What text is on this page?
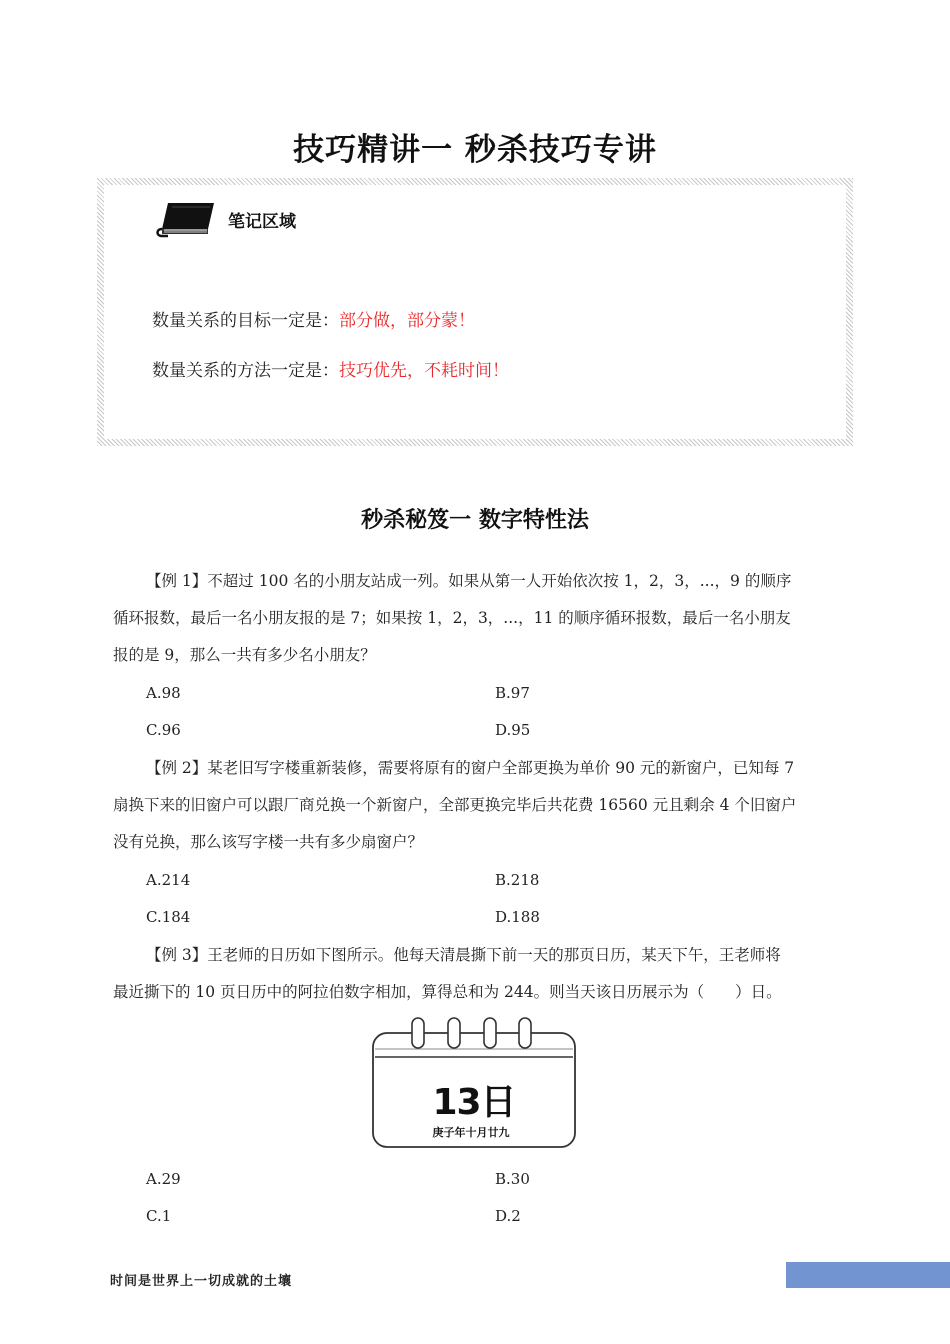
技巧精讲一 秒杀技巧专讲
笔记区域
数量关系的目标一定是：部分做，部分蒙！
数量关系的方法一定是：技巧优先，不耗时间！
秒杀秘笈一 数字特性法
【例 1】不超过 100 名的小朋友站成一列。如果从第一人开始依次按 1，2，3，...，9 的顺序
循环报数，最后一名小朋友报的是 7；如果按 1，2，3，...，11 的顺序循环报数，最后一名小朋友
报的是 9，那么一共有多少名小朋友？
A.98	B.97
C.96	D.95
【例 2】某老旧写字楼重新装修，需要将原有的窗户全部更换为单价 90 元的新窗户，已知每 7
扇换下来的旧窗户可以跟厂商兑换一个新窗户，全部更换完毕后共花费 16560 元且剩余 4 个旧窗户
没有兑换，那么该写字楼一共有多少扇窗户？
A.214	B.218
C.184	D.188
【例 3】王老师的日历如下图所示。他每天清晨撕下前一天的那页日历，某天下午，王老师将
最近撕下的 10 页日历中的阿拉伯数字相加，算得总和为 244。则当天该日历展示为（　　）日。
13日
庚子年十月廿九
A.29	B.30
C.1	D.2
时间是世界上一切成就的土壤
